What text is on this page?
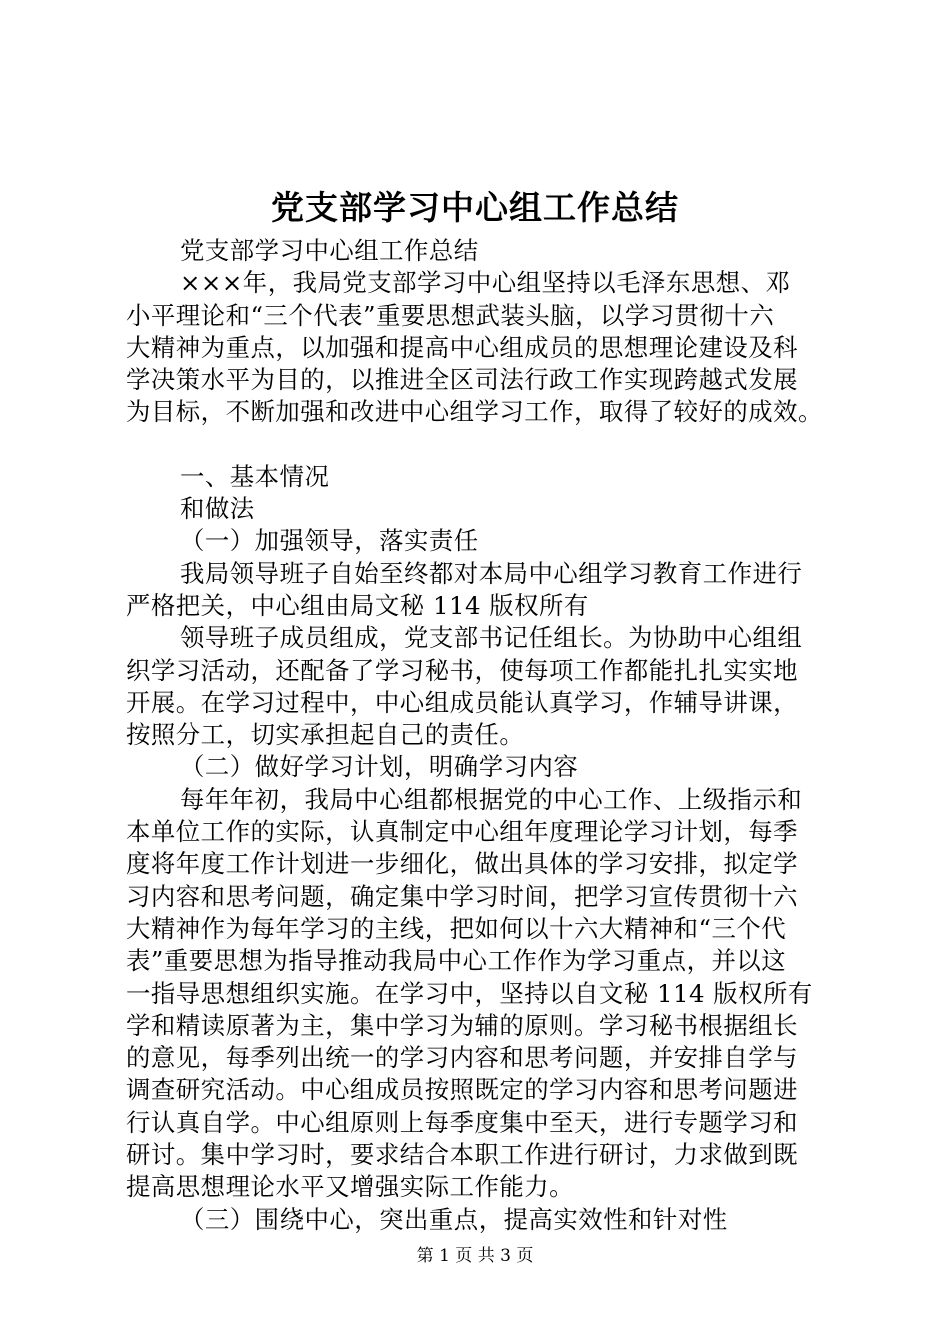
党支部学习中心组工作总结

党支部学习中心组工作总结

×××年，我局党支部学习中心组坚持以毛泽东思想、邓

小平理论和“三个代表”重要思想武装头脑，以学习贯彻十六

大精神为重点，以加强和提高中心组成员的思想理论建设及科

学决策水平为目的，以推进全区司法行政工作实现跨越式发展

为目标，不断加强和改进中心组学习工作，取得了较好的成效。

一、基本情况

和做法

（一）加强领导，落实责任

我局领导班子自始至终都对本局中心组学习教育工作进行

严格把关，中心组由局文秘 114 版权所有

领导班子成员组成，党支部书记任组长。为协助中心组组

织学习活动，还配备了学习秘书，使每项工作都能扎扎实实地

开展。在学习过程中，中心组成员能认真学习，作辅导讲课，

按照分工，切实承担起自己的责任。

（二）做好学习计划，明确学习内容

每年年初，我局中心组都根据党的中心工作、上级指示和

本单位工作的实际，认真制定中心组年度理论学习计划，每季

度将年度工作计划进一步细化，做出具体的学习安排，拟定学

习内容和思考问题，确定集中学习时间，把学习宣传贯彻十六

大精神作为每年学习的主线，把如何以十六大精神和“三个代

表”重要思想为指导推动我局中心工作作为学习重点，并以这

一指导思想组织实施。在学习中，坚持以自文秘 114 版权所有

学和精读原著为主，集中学习为辅的原则。学习秘书根据组长

的意见，每季列出统一的学习内容和思考问题，并安排自学与

调查研究活动。中心组成员按照既定的学习内容和思考问题进

行认真自学。中心组原则上每季度集中至天，进行专题学习和

研讨。集中学习时，要求结合本职工作进行研讨，力求做到既

提高思想理论水平又增强实际工作能力。

（三）围绕中心，突出重点，提高实效性和针对性

第 1 页 共 3 页
